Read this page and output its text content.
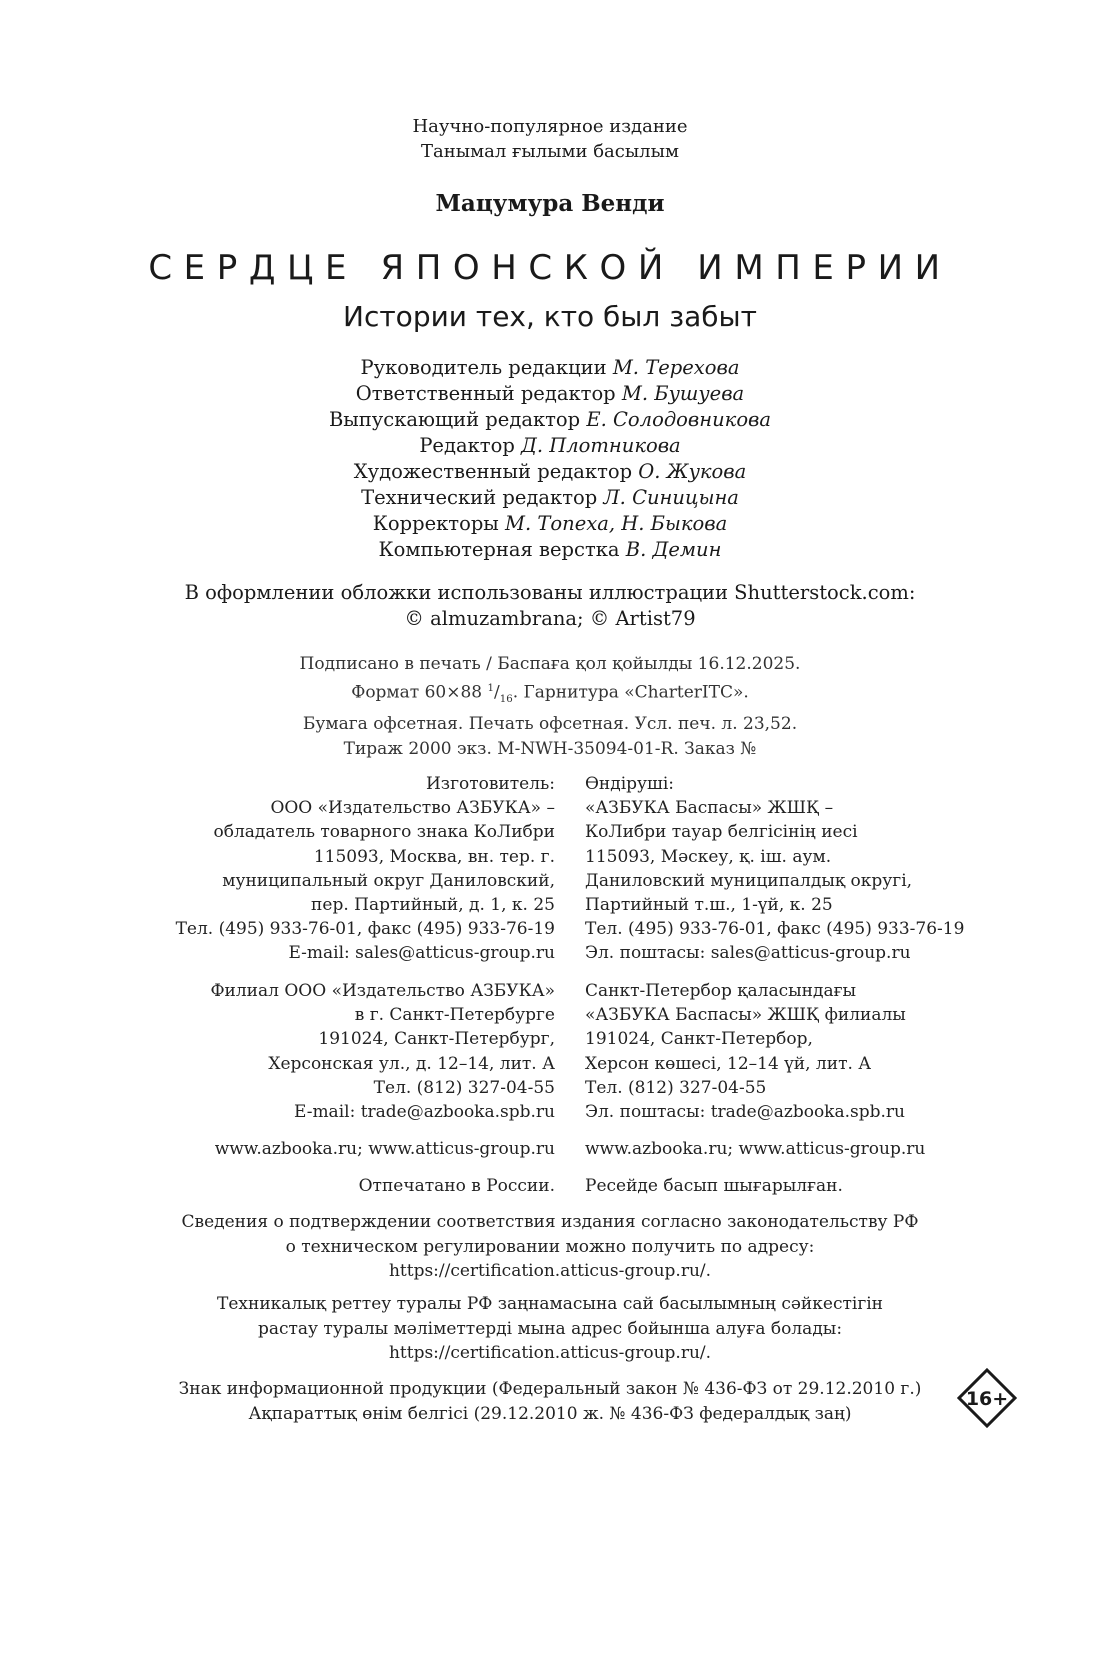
Научно-популярное издание
Танымал ғылыми басылым
Мацумура Венди
СЕРДЦЕ ЯПОНСКОЙ ИМПЕРИИ
Истории тех, кто был забыт
Руководитель редакции М. Терехова
Ответственный редактор М. Бушуева
Выпускающий редактор Е. Солодовникова
Редактор Д. Плотникова
Художественный редактор О. Жукова
Технический редактор Л. Синицына
Корректоры М. Топеха, Н. Быкова
Компьютерная верстка В. Демин
В оформлении обложки использованы иллюстрации Shutterstock.com:
© almuzambrana; © Artist79
Подписано в печать / Баспаға қол қойылды 16.12.2025.
Формат 60×88 $^1/_{16}$. Гарнитура «CharterITC».
Бумага офсетная. Печать офсетная. Усл. печ. л. 23,52.
Тираж 2000 экз. M-NWH-35094-01-R. Заказ №
Изготовитель:
ООО «Издательство АЗБУКА» –
обладатель товарного знака КоЛибри
115093, Москва, вн. тер. г.
муниципальный округ Даниловский,
пер. Партийный, д. 1, к. 25
Тел. (495) 933-76-01, факс (495) 933-76-19
E-mail: sales@atticus-group.ru
Өндіруші:
«АЗБУКА Баспасы» ЖШҚ –
КоЛибри тауар белгісінің иесі
115093, Мәскеу, қ. іш. аум.
Даниловский муниципалдық округі,
Партийный т.ш., 1-үй, к. 25
Тел. (495) 933-76-01, факс (495) 933-76-19
Эл. поштасы: sales@atticus-group.ru
Филиал ООО «Издательство АЗБУКА»
в г. Санкт-Петербурге
191024, Санкт-Петербург,
Херсонская ул., д. 12–14, лит. А
Тел. (812) 327-04-55
E-mail: trade@azbooka.spb.ru
Санкт-Петербор қаласындағы
«АЗБУКА Баспасы» ЖШҚ филиалы
191024, Санкт-Петербор,
Херсон көшесі, 12–14 үй, лит. А
Тел. (812) 327-04-55
Эл. поштасы: trade@azbooka.spb.ru
www.azbooka.ru; www.atticus-group.ru www.azbooka.ru; www.atticus-group.ru
Отпечатано в России. Ресейде басып шығарылған.
Сведения о подтверждении соответствия издания согласно законодательству РФ
о техническом регулировании можно получить по адресу:
https://certification.atticus-group.ru/.
Техникалық реттеу туралы РФ заңнамасына сай басылымның сәйкестігін
растау туралы мәліметтерді мына адрес бойынша алуға болады:
https://certification.atticus-group.ru/.
Знак информационной продукции (Федеральный закон № 436-ФЗ от 29.12.2010 г.)
Ақпараттық өнім белгісі (29.12.2010 ж. № 436-ФЗ федералдық заң)
16+
